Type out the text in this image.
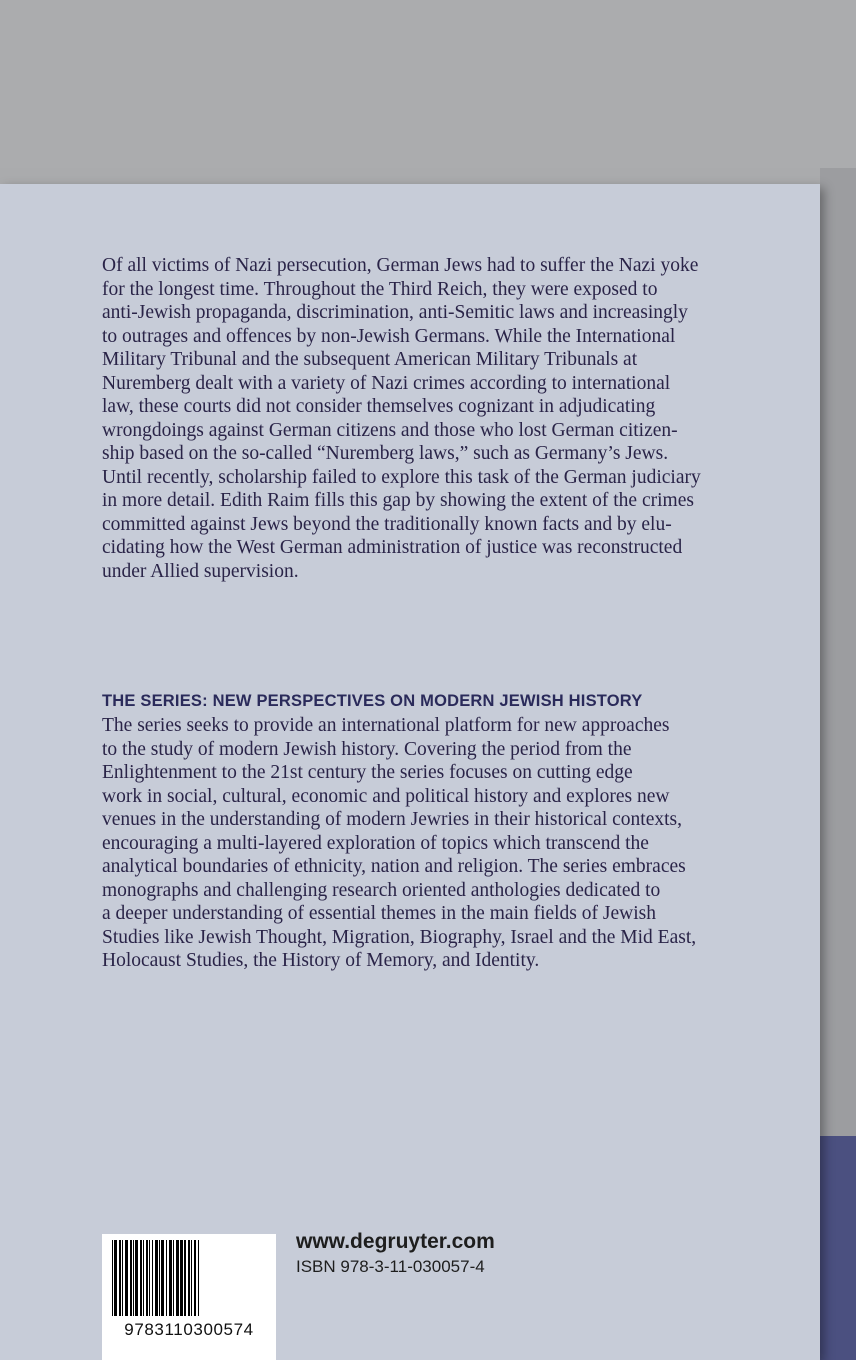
Of all victims of Nazi persecution, German Jews had to suffer the Nazi yoke
for the longest time. Throughout the Third Reich, they were exposed to
anti-Jewish propaganda, discrimination, anti-Semitic laws and increasingly
to outrages and offences by non-Jewish Germans. While the International
Military Tribunal and the subsequent American Military Tribunals at
Nuremberg dealt with a variety of Nazi crimes according to international
law, these courts did not consider themselves cognizant in adjudicating
wrongdoings against German citizens and those who lost German citizen-
ship based on the so-called “Nuremberg laws,” such as Germany’s Jews.
Until recently, scholarship failed to explore this task of the German judiciary
in more detail. Edith Raim fills this gap by showing the extent of the crimes
committed against Jews beyond the traditionally known facts and by elu-
cidating how the West German administration of justice was reconstructed
under Allied supervision.
THE SERIES: NEW PERSPECTIVES ON MODERN JEWISH HISTORY
The series seeks to provide an international platform for new approaches
to the study of modern Jewish history. Covering the period from the
Enlightenment to the 21st century the series focuses on cutting edge
work in social, cultural, economic and political history and explores new
venues in the understanding of modern Jewries in their historical contexts,
encouraging a multi-layered exploration of topics which transcend the
analytical boundaries of ethnicity, nation and religion. The series embraces
monographs and challenging research oriented anthologies dedicated to
a deeper understanding of essential themes in the main fields of Jewish
Studies like Jewish Thought, Migration, Biography, Israel and the Mid East,
Holocaust Studies, the History of Memory, and Identity.
9783110300574
www.degruyter.com
ISBN 978-3-11-030057-4
